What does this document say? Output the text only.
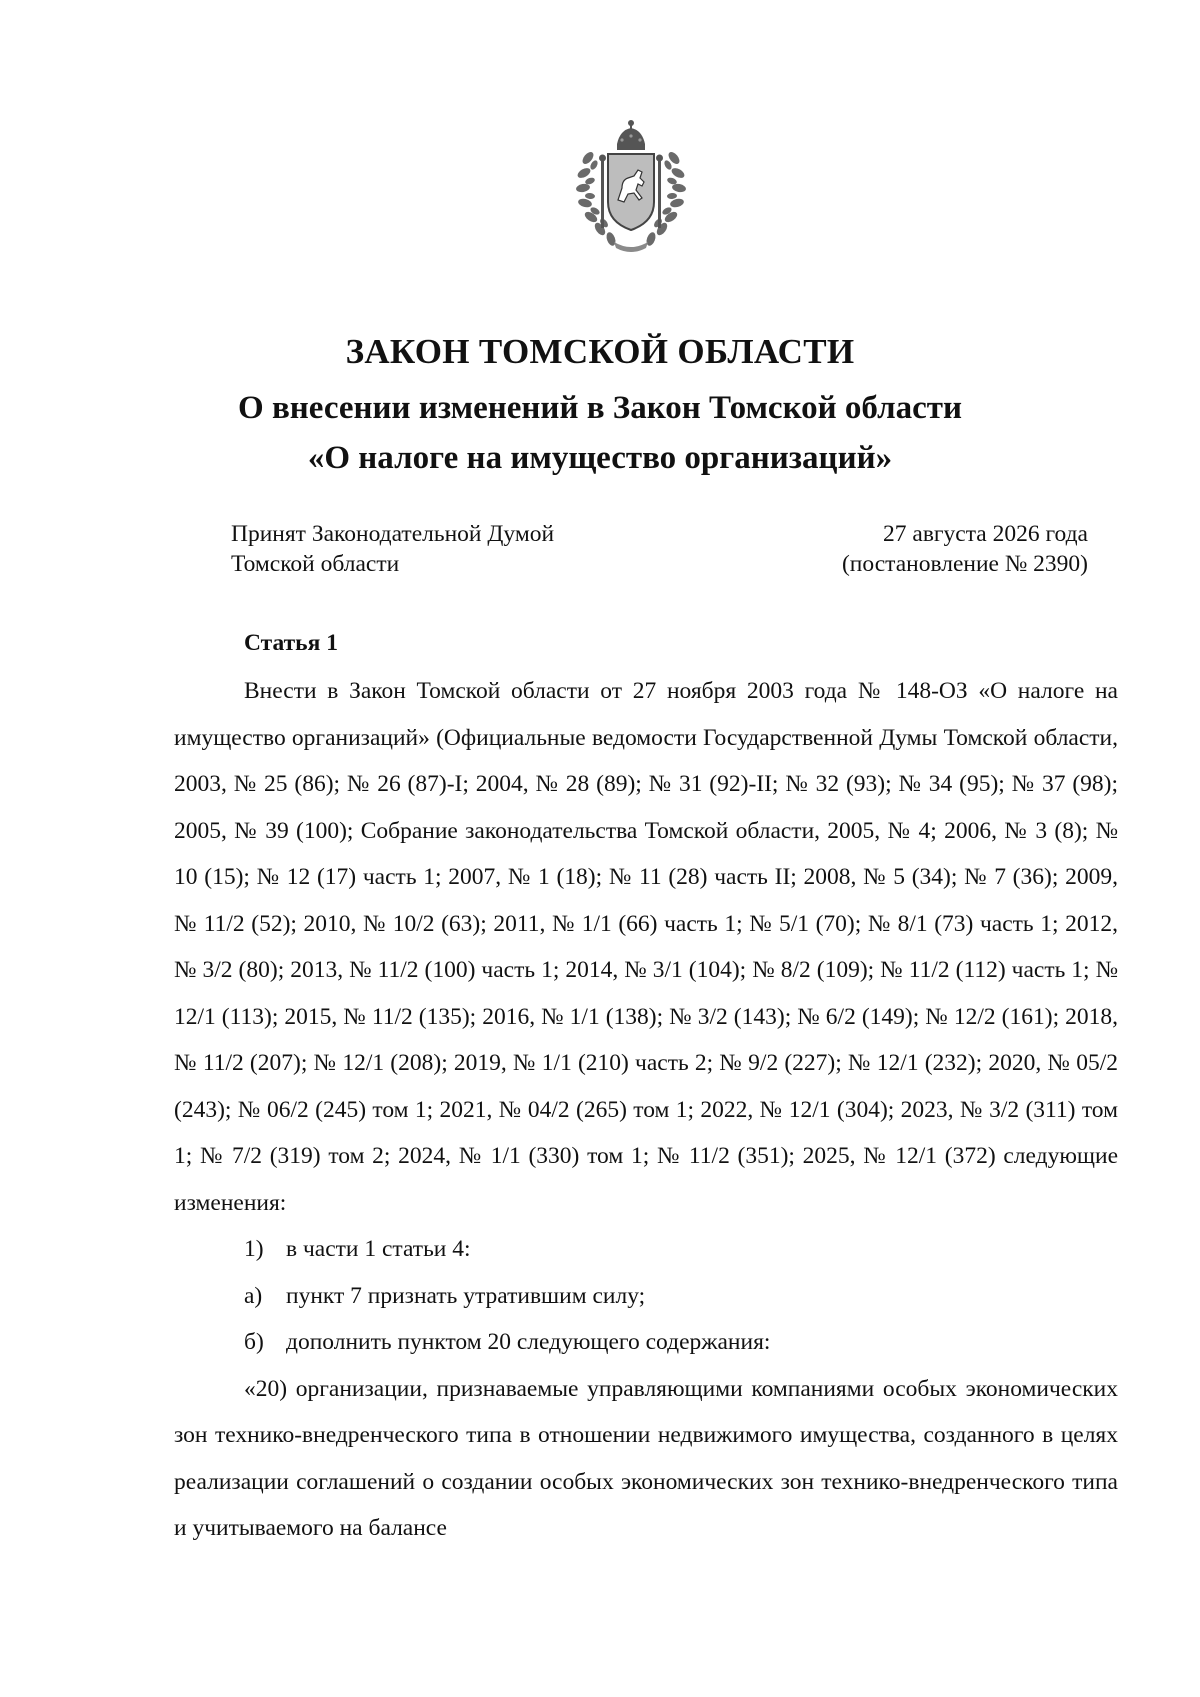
ЗАКОН ТОМСКОЙ ОБЛАСТИ
О внесении изменений в Закон Томской области
«О налоге на имущество организаций»
Принят Законодательной Думой
Томской области
27 августа 2026 года
(постановление № 2390)
Статья 1

Внести в Закон Томской области от 27 ноября 2003 года № 148-ОЗ «О налоге на имущество организаций» (Официальные ведомости Государственной Думы Томской области, 2003, № 25 (86); № 26 (87)-I; 2004, № 28 (89); № 31 (92)-II; № 32 (93); № 34 (95); № 37 (98); 2005, № 39 (100); Собрание законодательства Томской области, 2005, № 4; 2006, № 3 (8); № 10 (15); № 12 (17) часть 1; 2007, № 1 (18); № 11 (28) часть II; 2008, № 5 (34); № 7 (36); 2009, № 11/2 (52); 2010, № 10/2 (63); 2011, № 1/1 (66) часть 1; № 5/1 (70); № 8/1 (73) часть 1; 2012, № 3/2 (80); 2013, № 11/2 (100) часть 1; 2014, № 3/1 (104); № 8/2 (109); № 11/2 (112) часть 1; № 12/1 (113); 2015, № 11/2 (135); 2016, № 1/1 (138); № 3/2 (143); № 6/2 (149); № 12/2 (161); 2018, № 11/2 (207); № 12/1 (208); 2019, № 1/1 (210) часть 2; № 9/2 (227); № 12/1 (232); 2020, № 05/2 (243); № 06/2 (245) том 1; 2021, № 04/2 (265) том 1; 2022, № 12/1 (304); 2023, № 3/2 (311) том 1; № 7/2 (319) том 2; 2024, № 1/1 (330) том 1; № 11/2 (351); 2025, № 12/1 (372) следующие изменения:

1) в части 1 статьи 4:

а) пункт 7 признать утратившим силу;

б) дополнить пунктом 20 следующего содержания:

«20) организации, признаваемые управляющими компаниями особых экономических зон технико-внедренческого типа в отношении недвижимого имущества, созданного в целях реализации соглашений о создании особых экономических зон технико-внедренческого типа и учитываемого на балансе
